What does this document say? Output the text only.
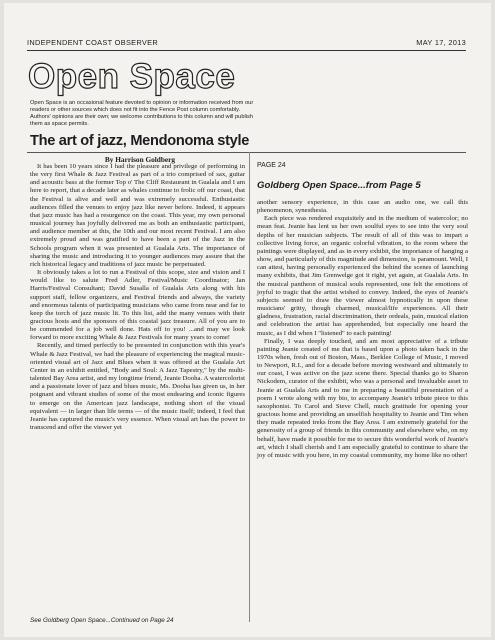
INDEPENDENT COAST OBSERVER	MAY 17, 2013
Open Space
Open Space is an occasional feature devoted to opinion or information received from our readers or other sources which does not fit into the Fence Post column comfortably. Authors' opinions are their own; we welcome contributions to this column and will publish them as space permits.
The art of jazz, Mendonoma style
By Harrison Goldberg

It has been 10 years since I had the pleasure and privilege of performing in the very first Whale & Jazz Festival as part of a trio comprised of sax, guitar and acoustic bass at the former Top o' The Cliff Restaurant in Gualala and I am here to report, that a decade later as whales continue to frolic off our coast, that the Festival is alive and well and was extremely successful. Enthusiastic audiences filled the venues to enjoy jazz like never before. Indeed, it appears that jazz music has had a resurgence on the coast. This year, my own personal musical journey has joyfully delivered me as both an enthusiastic participant, and audience member at this, the 10th and our most recent Festival. I am also extremely proud and was gratified to have been a part of the Jazz in the Schools program when it was presented at Gualala Arts. The importance of sharing the music and introducing it to younger audiences may assure that the rich historical legacy and traditions of jazz music be perpetuated.

It obviously takes a lot to run a Festival of this scope, size and vision and I would like to salute Fred Adler, Festival/Music Coordinator; Jan Harris/Festival Consultant; David Susalla of Gualala Arts along with his support staff, fellow organizers, and Festival friends and always, the variety and enormous talents of participating musicians who came from near and far to keep the torch of jazz music lit. To this list, add the many venues with their gracious hosts and the sponsors of this coastal jazz treasure. All of you are to be commended for a job well done. Hats off to you! ...and may we look forward to more exciting Whale & Jazz Festivals for many years to come!

Recently, and timed perfectly to be presented in conjunction with this year's Whale & Jazz Festival, we had the pleasure of experiencing the magical music-oriented visual art of Jazz and Blues when it was offered at the Gualala Art Center in an exhibit entitled, "Body and Soul: A Jazz Tapestry," by the multi-talented Bay Area artist, and my longtime friend, Jeanie Dooha. A watercolorist and a passionate lover of jazz and blues music, Ms. Dooha has given us, in her poignant and vibrant studies of some of the most endearing and iconic figures to emerge on the American jazz landscape, nothing short of the visual equivalent — in larger than life terms — of the music itself; indeed, I feel that Jeanie has captured the music's very essence. When visual art has the power to transcend and offer the viewer yet

See Goldberg Open Space...Continued on Page 24
PAGE 24
Goldberg Open Space...from Page 5

another sensory experience, in this case an audio one, we call this phenomenon, synesthesia.

Each piece was rendered exquisitely and in the medium of watercolor; no mean feat. Jeanie has lent us her own soulful eyes to see into the very soul depths of her musician subjects. The result of all of this was to impart a collective living force, an organic colorful vibration, to the room where the paintings were displayed, and as in every exhibit, the importance of hanging a show, and particularly of this magnitude and dimension, is paramount. Well, I can attest, having personally experienced the behind the scenes of launching many exhibits, that Jim Grenwelge got it right, yet again, at Gualala Arts. In the musical pantheon of musical souls represented, one felt the emotions of joyful to tragic that the artist wished to convey. Indeed, the eyes of Jeanie's subjects seemed to draw the viewer almost hypnotically in upon these musicians' gritty, though charmed, musical/life experiences. All their gladness, frustration, racial discrimination, their ordeals, pain, musical elation and celebration the artist has apprehended, but especially one heard the music, as I did when I "listened" to each painting!

Finally, I was deeply touched, and am most appreciative of a tribute painting Jeanie created of me that is based upon a photo taken back in the 1970s when, fresh out of Boston, Mass., Berklee College of Music, I moved to Newport, R.I., and for a decade before moving westward and ultimately to our coast, I was active on the jazz scene there. Special thanks go to Sharon Nickodem, curator of the exhibit, who was a personal and invaluable asset to Jeanie at Gualala Arts and to me in preparing a beautiful presentation of a poem I wrote along with my bio, to accompany Jeanie's tribute piece to this saxophonist. To Carol and Steve Chell, much gratitude for opening your gracious home and providing an unselfish hospitality to Jeanie and Tim when they made repeated treks from the Bay Area. I am extremely grateful for the generosity of a group of friends in this community and elsewhere who, on my behalf, have made it possible for me to secure this wonderful work of Jeanie's art, which I shall cherish and I am especially grateful to continue to share the joy of music with you here, in my coastal community, my home like no other!
